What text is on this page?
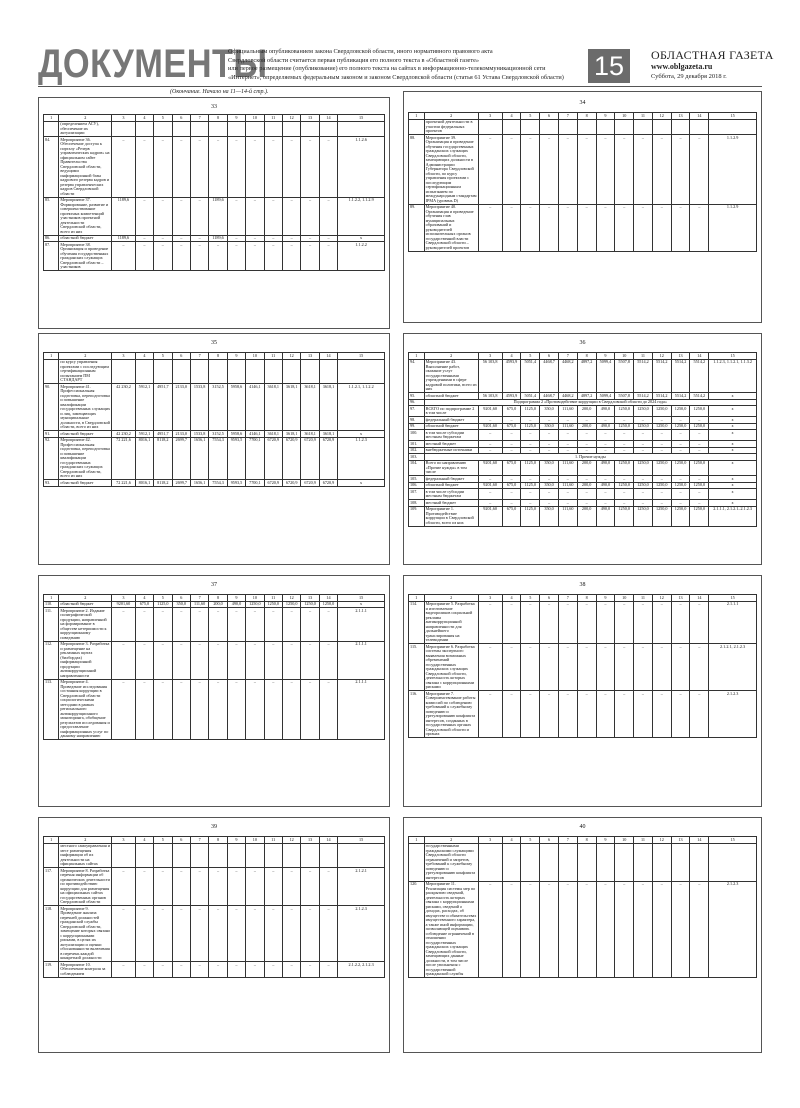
ДОКУМЕНТЫ
Официальным опубликованием закона Свердловской области, иного нормативного правового акта
Свердловской области считается первая публикация его полного текста в «Областной газете»
или первое размещение (опубликование) его полного текста на сайтах в информационно-телекоммуникационной сети
«Интернет», определяемых федеральным законом и законом Свердловской области (статья 61 Устава Свердловской области)	15	ОБЛАСТНАЯ ГАЗЕТА
www.oblgazeta.ru
Суббота, 29 декабря 2018 г.
(Окончание. Начало на 11—14-й стр.).
33
1	2	3	4	5	6	7	8	9	10	11	12	13	14	15
	(определением АСУ), обеспечение их актуализации													
84.	Мероприятие 36. Обеспечение доступа к порталу «Резерв управленческих кадров» на официальном сайте Правительства Свердловской области, ведущими информационной базы кадрового резерва кадров и резерва управленческих кадров Свердловской области	–	–	–	–	–	–	–	–	–	–	–	–	1.1.2.6
85.	Мероприятие 37. Формирование, развитие и совершенствование проектных компетенций участников проектной деятельности Свердловской области, всего из них	1189,6	–	–	–	–	1189,6	–	–	–	–	–	–	1.1.2.2, 1.1.2.9
86.	областной бюджет	1189,6	–	–	–	–	1189,6	–	–	–	–	–	–	х
87.	Мероприятие 38. Организация и проведение обучения государственных гражданских служащих Свердловской области – участников	–	–	–	–	–	–	–	–	–	–	–	–	1.1.2.2
34
1	2	3	4	5	6	7	8	9	10	11	12	13	14	15
	проектной деятельности в участии федеральных проектов													
88.	Мероприятие 39. Организация и проведение обучения государственных гражданских служащих Свердловской области, замещающих должности в Администрации Губернатора Свердловской области, по курсу управления проектами с последующим сертификационным испытанием по международным стандартам IPMA (уровень D)	–	–	–	–	–	–	–	–	–	–	–	–	1.1.2.9
89.	Мероприятие 40. Организация и проведение обучения глав муниципальных образований и руководителей исполнительных органов государственной власти Свердловской области – руководителей проектов	–	–	–	–	–	–	–	–	–	–	–	–	1.1.2.9
35
1	2	3	4	5	6	7	8	9	10	11	12	13	14	15
	по курсу управления проектами с последующим сертификационным испытанием ПМ СТАНДАРТ													
90.	Мероприятие 41. Профессиональная подготовка, переподготовка и повышение квалификации государственных служащих и лиц, замещающих муниципальные должности, в Свердловской области, всего из них	42 230,2	5912,1	4951,7	2133,0	1533,8	3152,5	5958,6	4146,1	3618,1	3618,1	3618,1	3618,1	1.1.2.1, 1.1.2.2
91.	областной бюджет	42 230,2	5912,1	4951,7	2133,0	1533,8	3152,5	5958,6	4146,1	3618,1	3618,1	3618,1	3618,1	х
92.	Мероприятие 42. Профессиональная подготовка, переподготовка и повышение квалификации государственных гражданских служащих Свердловской области, всего из них	72 221,6	8016,1	8118,2	2699,7	1656,1	7554,3	9593,5	7700,1	6720,9	6720,9	6720,9	6720,9	1.1.2.3
93.	областной бюджет	72 221,6	8016,1	8118,2	2699,7	1656,1	7554,3	9593,5	7700,1	6720,9	6720,9	6720,9	6720,9	х
36
1	2	3	4	5	6	7	8	9	10	11	12	13	14	15
94.	Мероприятие 43. Выполнение работ, оказание услуг государственными учреждениями в сфере кадровой политики, всего из них	56 103,8	4593,9	5051,4	4468,7	4468,2	4897,2	5099,4	5507,8	5514,2	5514,2	5514,2	5514,2	1.1.2.3, 1.1.2.1, 1.1.3.2
95.	областной бюджет	56 103,8	4593,9	5051,4	4468,7	4468,2	4897,2	5099,4	5507,8	5514,2	5514,2	5514,2	5514,2	х
96.	Подпрограмма 2 «Противодействие коррупции в Свердловской области до 2024 года»													
97.	ВСЕГО по подпрограмме 2 в том числе	9201,60	675,0	1125,0	350,0	111,60	200,0	490,0	1250,0	1250,0	1250,0	1250,0	1250,0	х
98.	федеральный бюджет	–	–	–	–	–	–	–	–	–	–	–	–	х
99.	областной бюджет	9201,60	675,0	1125,0	350,0	111,60	200,0	490,0	1250,0	1250,0	1250,0	1250,0	1250,0	х
100.	в том числе субсидии местным бюджетам	–	–	–	–	–	–	–	–	–	–	–	–	х
101.	местный бюджет	–	–	–	–	–	–	–	–	–	–	–	–	х
102.	внебюджетные источники	–	–	–	–	–	–	–	–	–	–	–	–	х
103.	1. Прочие нужды													
104.	Всего по направлению «Прочие нужды» в том числе	9201,60	675,0	1125,0	350,0	111,60	200,0	490,0	1250,0	1250,0	1250,0	1250,0	1250,0	х
105.	федеральный бюджет	–	–	–	–	–	–	–	–	–	–	–	–	х
106.	областной бюджет	9201,60	675,0	1125,0	350,0	111,60	200,0	490,0	1250,0	1250,0	1250,0	1250,0	1250,0	х
107.	в том числе субсидии местным бюджетам	–	–	–	–	–	–	–	–	–	–	–	–	х
108.	местный бюджет	–	–	–	–	–	–	–	–	–	–	–	–	х
109.	Мероприятие 1. Противодействие коррупции в Свердловской области, всего из них	9201,60	675,0	1125,0	350,0	111,60	200,0	490,0	1250,0	1250,0	1250,0	1250,0	1250,0	2.1.1.1, 2.1.2.1–2.1.2.3
37
1	2	3	4	5	6	7	8	9	10	11	12	13	14	15
110.	областной бюджет	9201,60	675,0	1125,0	350,0	111,60	200,0	490,0	1250,0	1250,0	1250,0	1250,0	1250,0	х
111.	Мероприятие 2. Издание полиграфической продукции, направленной на формирование в обществе нетерпимости к коррупционному поведению	–	–	–	–	–	–	–	–	–	–	–	–	2.1.1.1
112.	Мероприятие 3. Разработка и размещение на рекламных щитах (билбордах) информационной продукции антикоррупционной направленности	–	–	–	–	–	–	–	–	–	–	–	–	2.1.1.1
113.	Мероприятие 4. Проведение исследования состояния коррупции в Свердловской области социологическими методами в рамках регионального антикоррупционного мониторинга, обобщение результатов исследования и предоставление информационных услуг по данному направлению	–	–	–	–	–	–	–	–	–	–	–	–	2.1.1.1
38
1	2	3	4	5	6	7	8	9	10	11	12	13	14	15
114.	Мероприятие 5. Разработка и изготовление видеороликов социальной рекламы антикоррупционной направленности для дальнейшего транслирования на телевидении	–	–	–	–	–	–	–	–	–	–	–	–	2.1.1.1
115.	Мероприятие 6. Разработка системы экспертного выявления возможных обременений государственных гражданских служащих Свердловской области, деятельность которых связана с коррупционными рисками	–	–	–	–	–	–	–	–	–	–	–	–	2.1.2.1, 2.1.2.3
116.	Мероприятие 7. Совершенствование работы комиссий по соблюдению требований к служебному поведению и урегулированию конфликта интересов, созданных в государственных органах Свердловской области и органах	–	–	–	–	–	–	–	–	–	–	–	–	2.1.2.3
39
1	2	3	4	5	6	7	8	9	10	11	12	13	14	15
	местного самоуправления и мест размещения информации об их деятельности на официальных сайтах													
117.	Мероприятие 8. Разработка перечня информации об органических деятельности по противодействию коррупции для размещения на официальных сайтах государственных органов Свердловской области	–	–	–	–	–	–	–	–	–	–	–	–	2.1.2.1
118.	Мероприятие 9. Проведение анализа перечней должностей гражданской службы Свердловской области, замещение которых связано с коррупционными рисками, в целях их актуализации и оценки обоснованности включения в перечень каждой конкретной должности	–	–	–	–	–	–	–	–	–	–	–	–	2.1.2.3
119.	Мероприятие 10. Обеспечение контроля за соблюдением	–	–	–	–	–	–	–	–	–	–	–	–	2.1.2.2, 2.1.2.3
40
1	2	3	4	5	6	7	8	9	10	11	12	13	14	15
	государственными гражданскими служащими Свердловской области ограничений и запретов, требований к служебному поведению и урегулированию конфликта интересов													
120.	Мероприятие 11. Реализация системы мер по раскрытию сведений, деятельность которых связана с коррупционными рисками, сведений о доходах, расходах, об имуществе и обязательствах имущественного характера, а также иной информации, позволяющей оценивать соблюдение ограничений в отношении государственных гражданских служащих Свердловской области, замещающих данные должности, в том числе после увольнения с государственной гражданской службы	–	–	–	–	–	–	–	–	–	–	–	–	2.1.2.3
